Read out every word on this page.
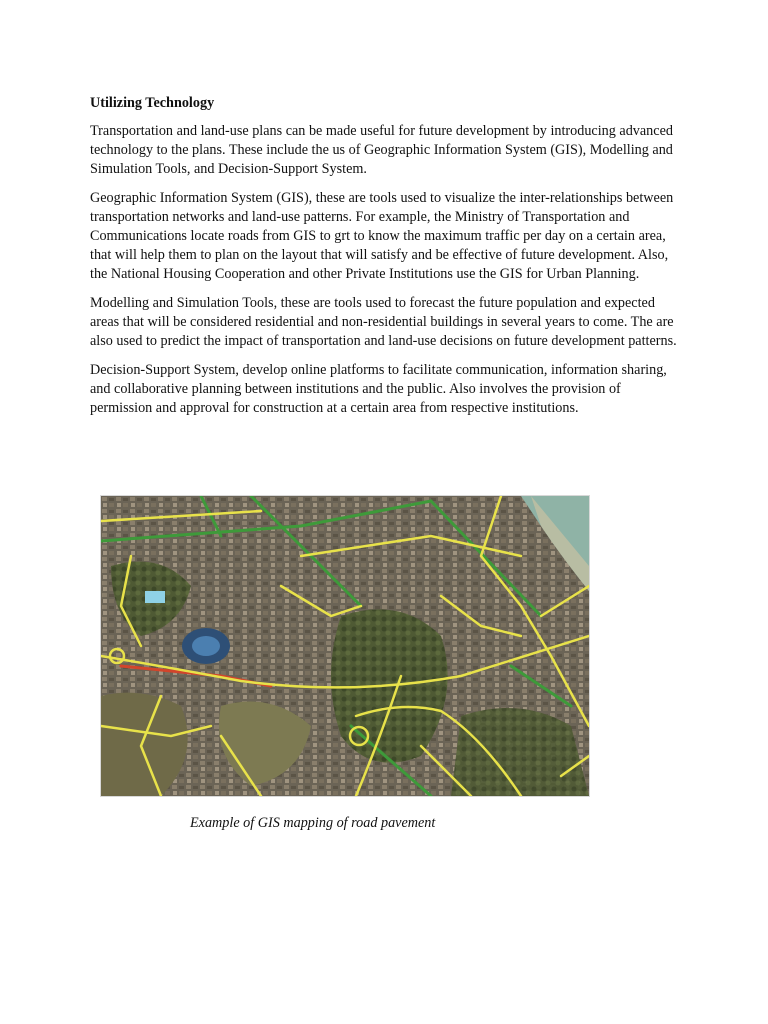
Utilizing Technology

Transportation and land-use plans can be made useful for future development by introducing advanced technology to the plans. These include the us of Geographic Information System (GIS), Modelling and Simulation Tools, and Decision-Support System.

Geographic Information System (GIS), these are tools used to visualize the inter-relationships between transportation networks and land-use patterns. For example, the Ministry of Transportation and Communications locate roads from GIS to grt to know the maximum traffic per day on a certain area, that will help them to plan on the layout that will satisfy and be effective of future development. Also, the National Housing Cooperation and other Private Institutions use the GIS for Urban Planning.

Modelling and Simulation Tools, these are tools used to forecast the future population and expected areas that will be considered residential and non-residential buildings in several years to come. The are also used to predict the impact of transportation and land-use decisions on future development patterns.

Decision-Support System, develop online platforms to facilitate communication, information sharing, and collaborative planning between institutions and the public. Also involves the provision of permission and approval for construction at a certain area from respective institutions.

Example of GIS mapping of road pavement
